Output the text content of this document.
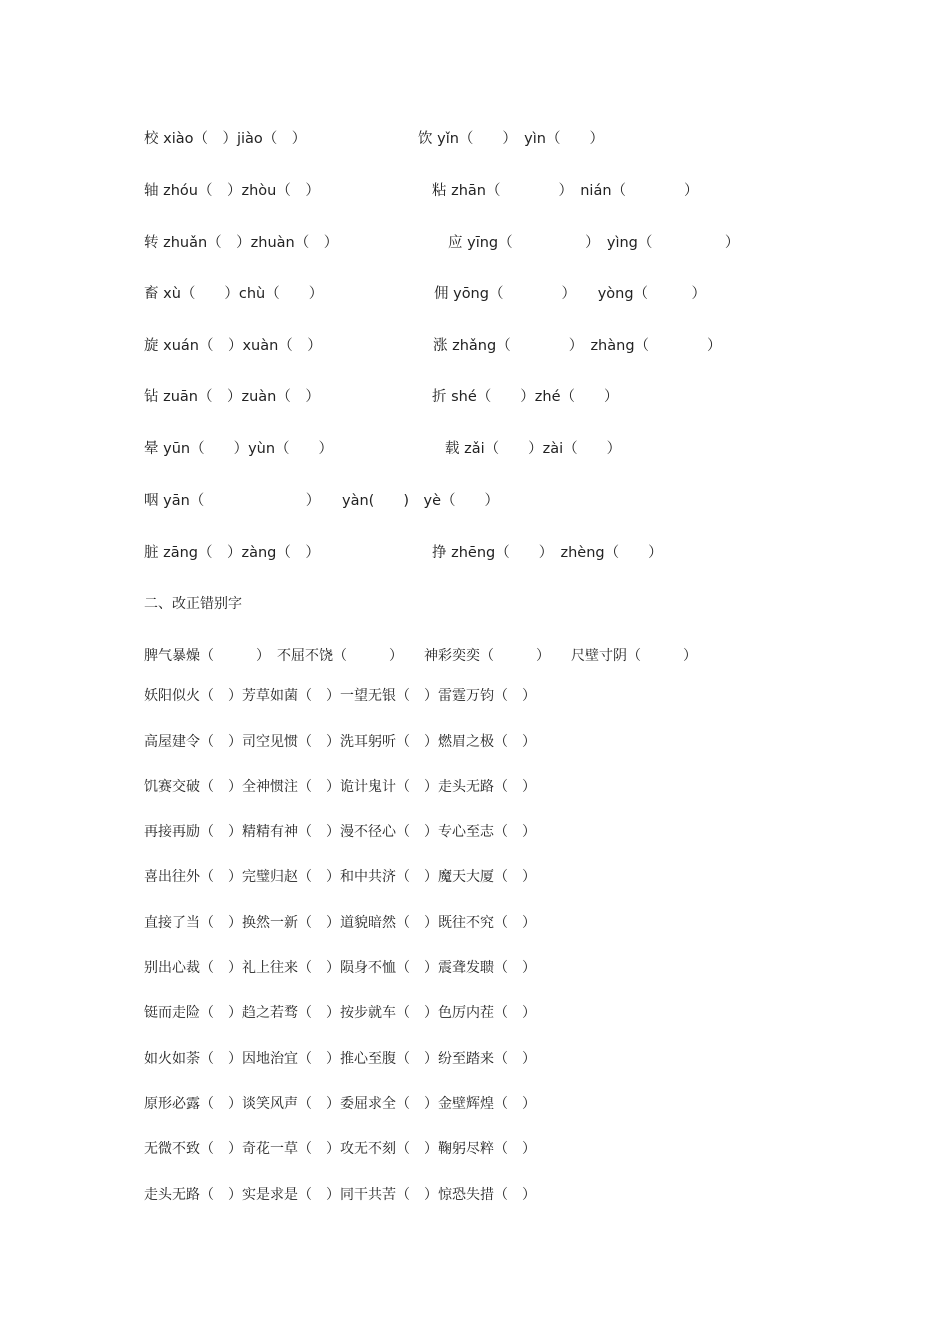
校 xiào（　）jiào（　）	饮 yǐn（　　）　yìn（　　）
轴 zhóu（　）zhòu（　）	粘 zhān（　　　　）　nián（　　　　）
转 zhuǎn（　）zhuàn（　）	应 yīng（　　　　　）　yìng（　　　　　）
畜 xù（　　）chù（　　）	佣 yōng（　　　　）　　yòng（　　　）
旋 xuán（　）xuàn（　）	涨 zhǎng（　　　　）　zhàng（　　　　）
钻 zuān（　）zuàn（　）	折 shé（　　）zhé（　　）
晕 yūn（　　）yùn（　　）	载 zǎi（　　）zài（　　）
咽 yān（　　　　　　　）　　yàn(　　)　yè（　　）
脏 zāng（　）zàng（　）	挣 zhēng（　　）　zhèng（　　）
二、改正错别字
脾气暴燥（　　　）　不屈不饶（　　　）　　神彩奕奕（　　　）　　尺壁寸阴（　　　）
妖阳似火（　）芳草如菌（　）一望无银（　）雷霆万钧（　）
高屋建令（　）司空见惯（　）洗耳躬听（　）燃眉之极（　）
饥赛交破（　）全神惯注（　）诡计鬼计（　）走头无路（　）
再接再励（　）精精有神（　）漫不径心（　）专心至志（　）
喜出往外（　）完璧归赵（　）和中共济（　）魔天大厦（　）
直接了当（　）换然一新（　）道貌暗然（　）既往不究（　）
别出心裁（　）礼上往来（　）陨身不恤（　）震聋发聩（　）
铤而走险（　）趋之若骛（　）按步就车（　）色厉内茬（　）
如火如荼（　）因地治宜（　）推心至腹（　）纷至踏来（　）
原形必露（　）谈笑风声（　）委屈求全（　）金壁辉煌（　）
无微不致（　）奇花一草（　）攻无不刻（　）鞠躬尽粹（　）
走头无路（　）实是求是（　）同干共苦（　）惊恐失措（　）
